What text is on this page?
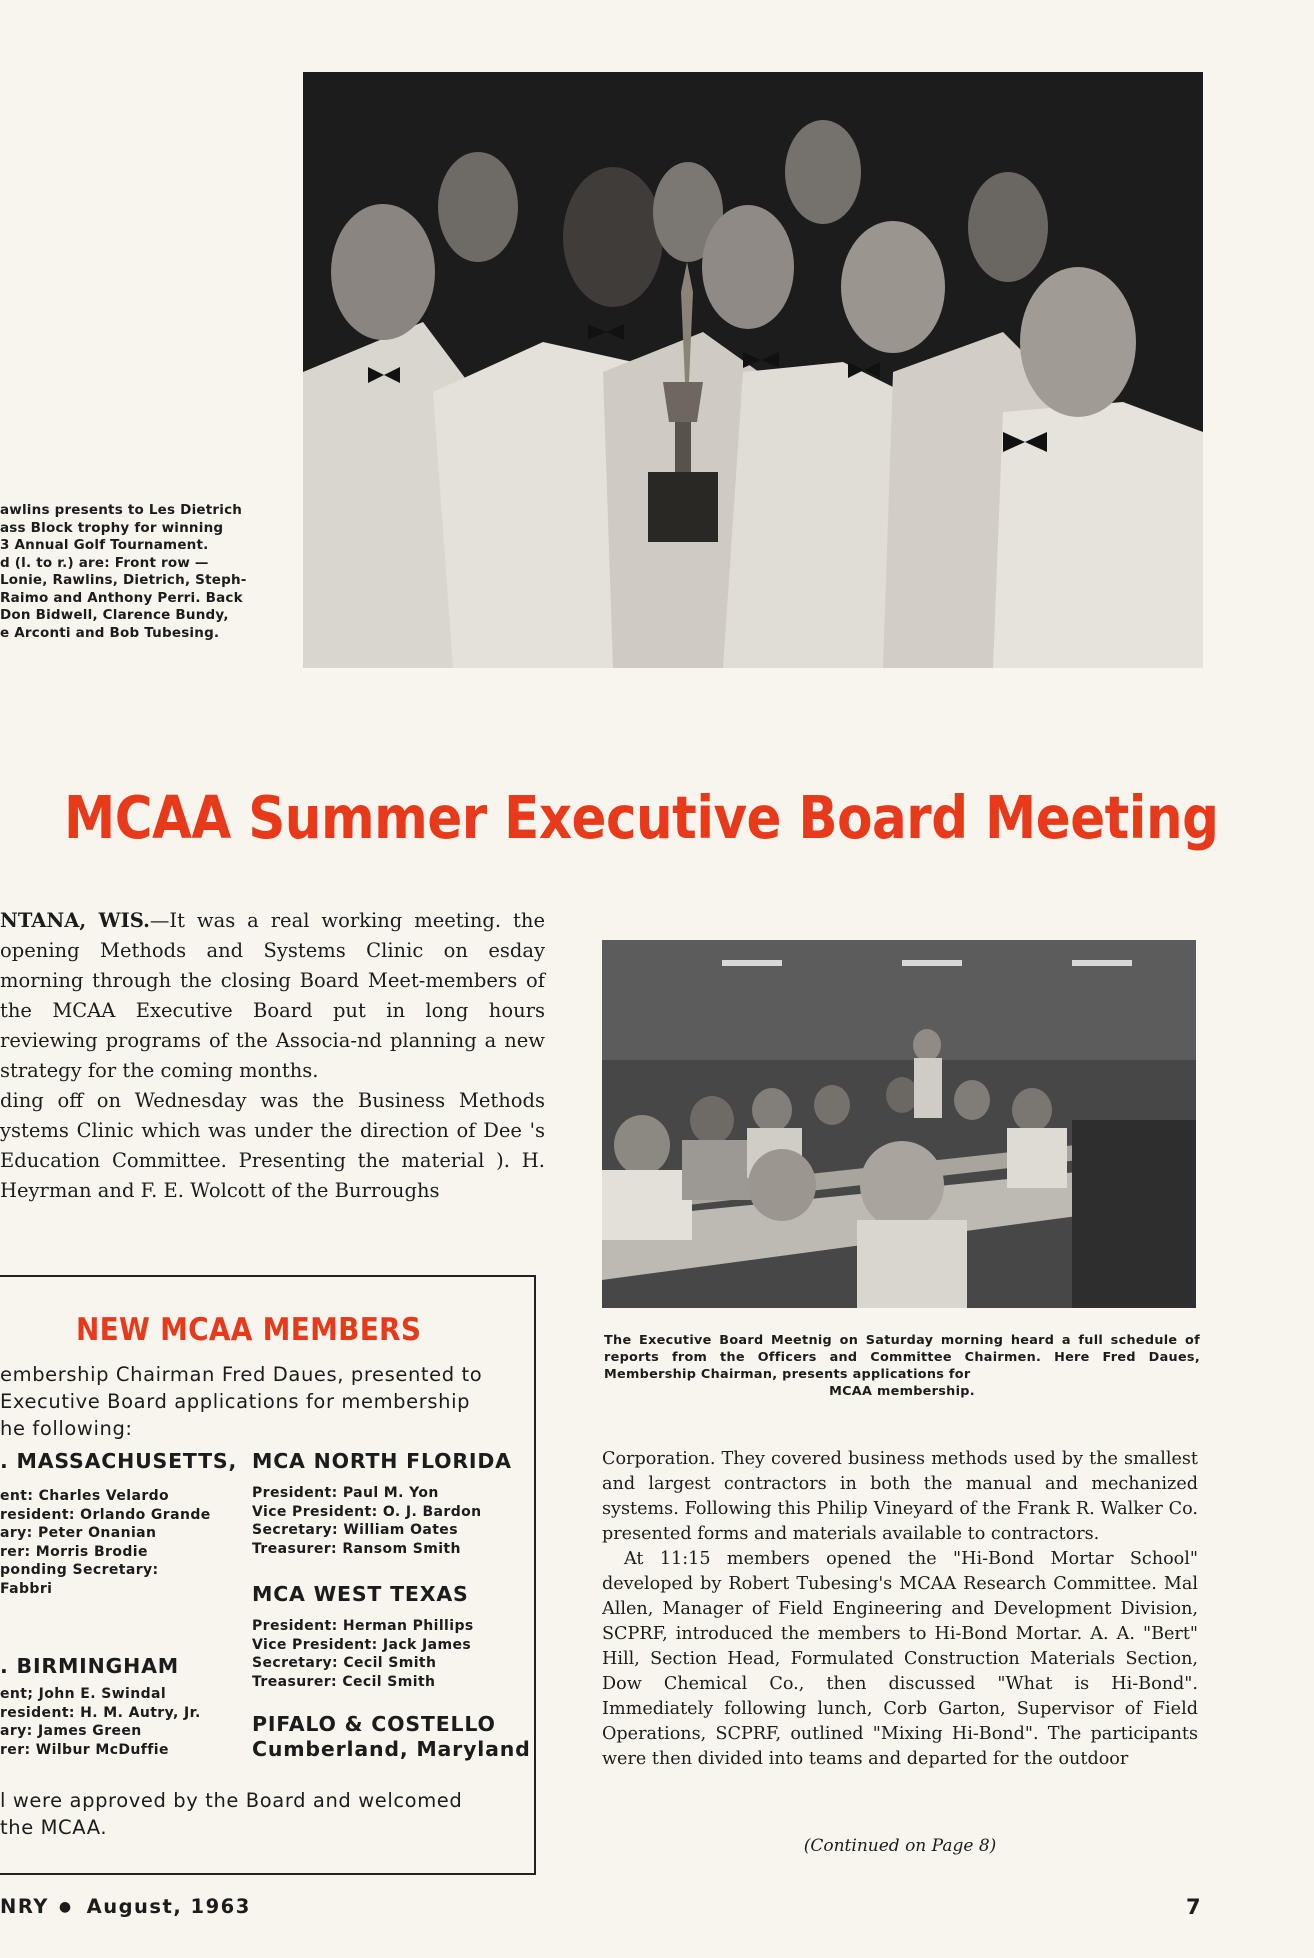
awlins presents to Les Dietrich
ass Block trophy for winning
3 Annual Golf Tournament.
d (l. to r.) are: Front row —
Lonie, Rawlins, Dietrich, Steph-
Raimo and Anthony Perri. Back
Don Bidwell, Clarence Bundy,
e Arconti and Bob Tubesing.
MCAA Summer Executive Board Meeting

NTANA, WIS.—It was a real working meeting. the opening Methods and Systems Clinic on esday morning through the closing Board Meet-members of the MCAA Executive Board put in long hours reviewing programs of the Associa-nd planning a new strategy for the coming months.

ding off on Wednesday was the Business Methods ystems Clinic which was under the direction of Dee 's Education Committee. Presenting the material ). H. Heyrman and F. E. Wolcott of the Burroughs

NEW MCAA MEMBERS
embership Chairman Fred Daues, presented to
Executive Board applications for membership
he following:
. MASSACHUSETTS,
ent: Charles Velardo
resident: Orlando Grande
ary: Peter Onanian
rer: Morris Brodie
ponding Secretary:
Fabbri
. BIRMINGHAM
ent; John E. Swindal
resident: H. M. Autry, Jr.
ary: James Green
rer: Wilbur McDuffie
MCA NORTH FLORIDA
President: Paul M. Yon
Vice President: O. J. Bardon
Secretary: William Oates
Treasurer: Ransom Smith
MCA WEST TEXAS
President: Herman Phillips
Vice President: Jack James
Secretary: Cecil Smith
Treasurer: Cecil Smith
PIFALO & COSTELLO
Cumberland, Maryland
l were approved by the Board and welcomed
the MCAA.
The Executive Board Meetnig on Saturday morning heard a full schedule of reports from the Officers and Committee Chairmen. Here Fred Daues, Membership Chairman, presents applications for
MCAA membership.

Corporation. They covered business methods used by the smallest and largest contractors in both the manual and mechanized systems. Following this Philip Vineyard of the Frank R. Walker Co. presented forms and materials available to contractors.

At 11:15 members opened the "Hi-Bond Mortar School" developed by Robert Tubesing's MCAA Research Committee. Mal Allen, Manager of Field Engineering and Development Division, SCPRF, introduced the members to Hi-Bond Mortar. A. A. "Bert" Hill, Section Head, Formulated Construction Materials Section, Dow Chemical Co., then discussed "What is Hi-Bond". Immediately following lunch, Corb Garton, Supervisor of Field Operations, SCPRF, outlined "Mixing Hi-Bond". The participants were then divided into teams and departed for the outdoor

(Continued on Page 8)
NRY ● August, 1963	7
